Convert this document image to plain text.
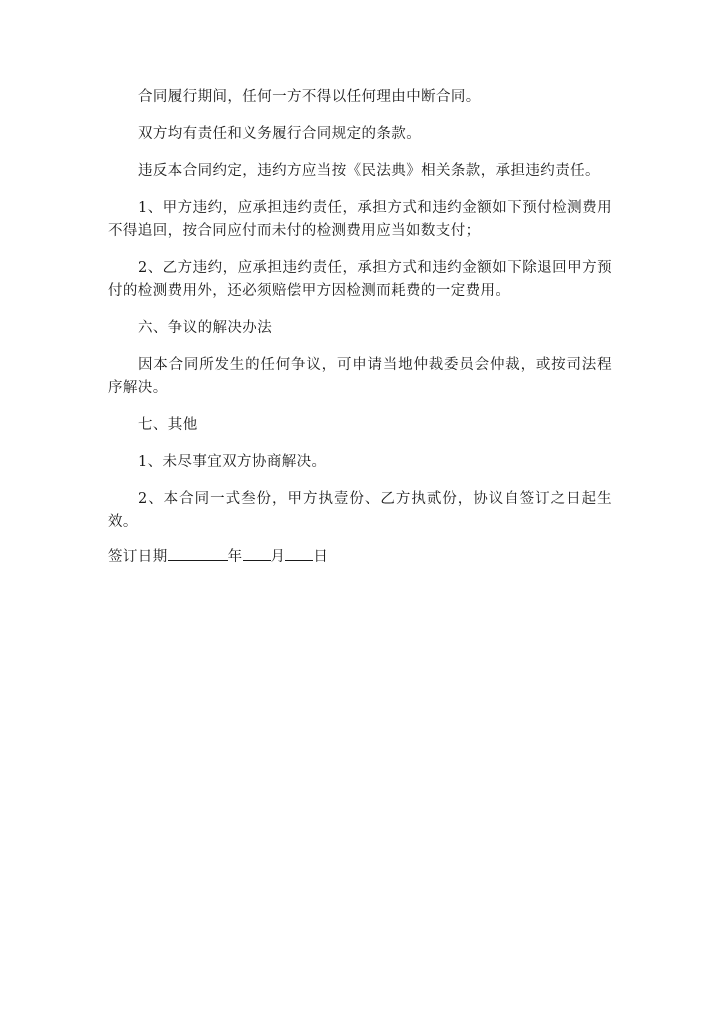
合同履行期间，任何一方不得以任何理由中断合同。

双方均有责任和义务履行合同规定的条款。

违反本合同约定，违约方应当按《民法典》相关条款，承担违约责任。

1、甲方违约，应承担违约责任，承担方式和违约金额如下预付检测费用不得追回，按合同应付而未付的检测费用应当如数支付；

2、乙方违约，应承担违约责任，承担方式和违约金额如下除退回甲方预付的检测费用外，还必须赔偿甲方因检测而耗费的一定费用。

六、争议的解决办法

因本合同所发生的任何争议，可申请当地仲裁委员会仲裁，或按司法程序解决。

七、其他

1、未尽事宜双方协商解决。

2、本合同一式叁份，甲方执壹份、乙方执贰份，协议自签订之日起生效。

签订日期	年 月 日
